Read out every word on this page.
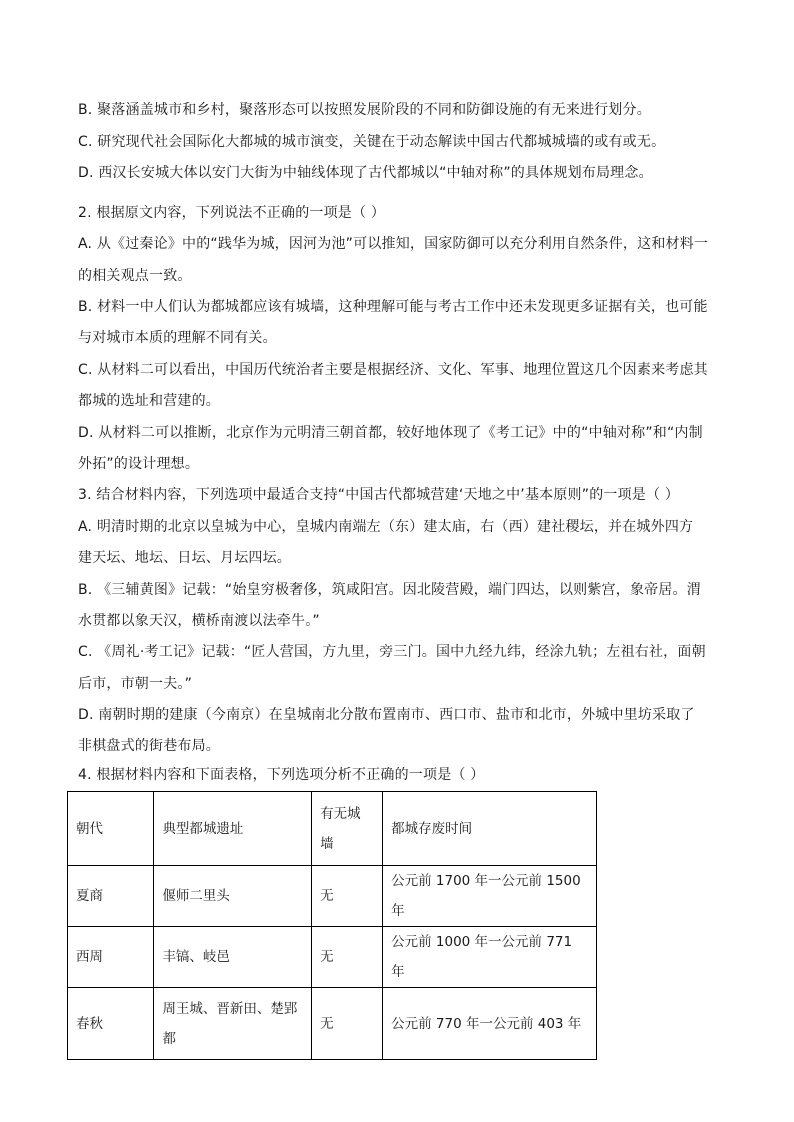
B. 聚落涵盖城市和乡村，聚落形态可以按照发展阶段的不同和防御设施的有无来进行划分。
C. 研究现代社会国际化大都城的城市演变，关键在于动态解读中国古代都城城墙的或有或无。
D. 西汉长安城大体以安门大街为中轴线体现了古代都城以“中轴对称”的具体规划布局理念。
2. 根据原文内容，下列说法不正确的一项是（ ）
A. 从《过秦论》中的“践华为城，因河为池”可以推知，国家防御可以充分利用自然条件，这和材料一
的相关观点一致。
B. 材料一中人们认为都城都应该有城墙，这种理解可能与考古工作中还未发现更多证据有关，也可能
与对城市本质的理解不同有关。
C. 从材料二可以看出，中国历代统治者主要是根据经济、文化、军事、地理位置这几个因素来考虑其
都城的选址和营建的。
D. 从材料二可以推断，北京作为元明清三朝首都，较好地体现了《考工记》中的“中轴对称”和“内制
外拓”的设计理想。
3. 结合材料内容，下列选项中最适合支持“中国古代都城营建‘天地之中’基本原则”的一项是（ ）
A. 明清时期的北京以皇城为中心，皇城内南端左（东）建太庙，右（西）建社稷坛，并在城外四方
建天坛、地坛、日坛、月坛四坛。
B. 《三辅黄图》记载：“始皇穷极奢侈，筑咸阳宫。因北陵营殿，端门四达，以则紫宫，象帝居。渭
水贯都以象天汉，横桥南渡以法牵牛。”
C. 《周礼·考工记》记载：“匠人营国，方九里，旁三门。国中九经九纬，经涂九轨；左祖右社，面朝
后市，市朝一夫。”
D. 南朝时期的建康（今南京）在皇城南北分散布置南市、西口市、盐市和北市，外城中里坊采取了
非棋盘式的街巷布局。
4. 根据材料内容和下面表格，下列选项分析不正确的一项是（ ）
朝代	典型都城遗址	有无城墙	都城存废时间
夏商	偃师二里头	无	公元前 1700 年一公元前 1500 年
西周	丰镐、岐邑	无	公元前 1000 年一公元前 771 年
春秋	周王城、晋新田、楚郢都	无	公元前 770 年一公元前 403 年
